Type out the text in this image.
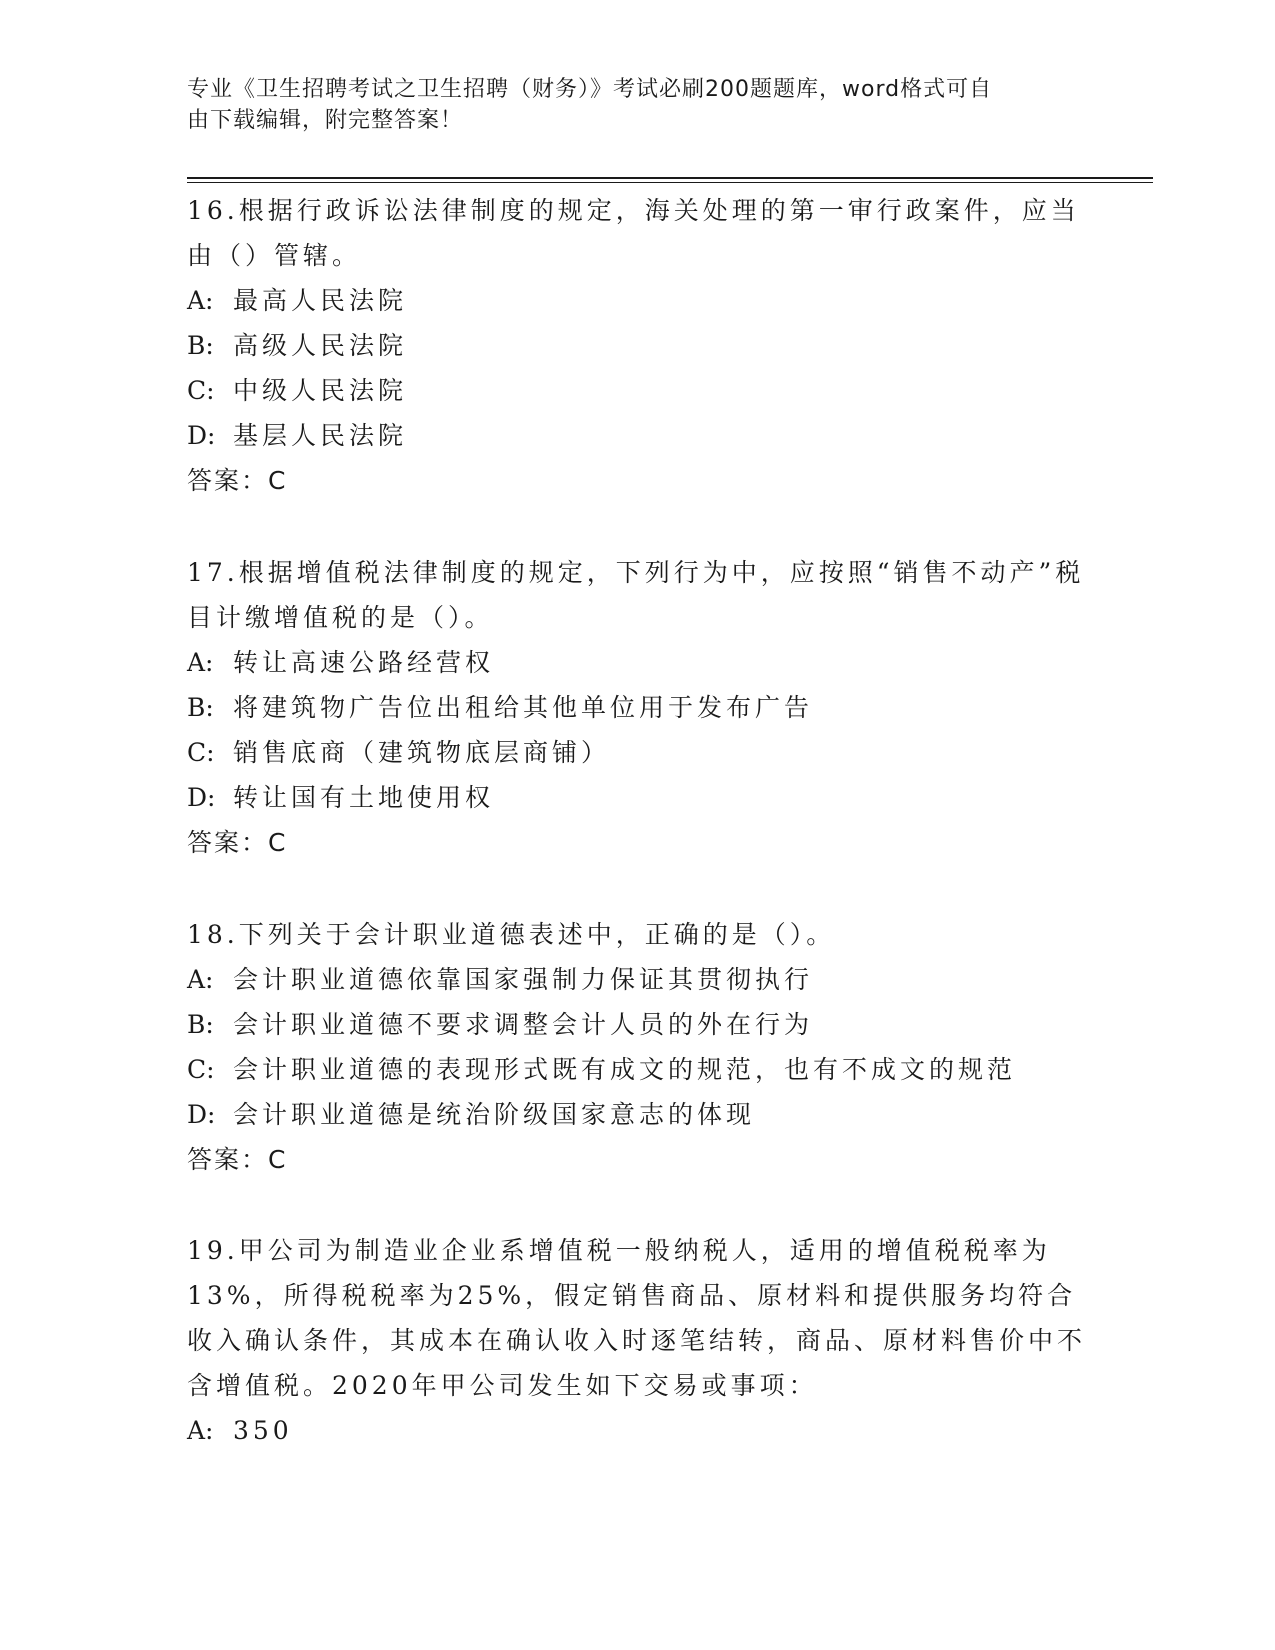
专业《卫生招聘考试之卫生招聘（财务）》考试必刷200题题库，word格式可自
由下载编辑，附完整答案！

16.根据行政诉讼法律制度的规定，海关处理的第一审行政案件，应当由（）管辖。

A: 最高人民法院

B: 高级人民法院

C: 中级人民法院

D: 基层人民法院

答案：C

17.根据增值税法律制度的规定，下列行为中，应按照“销售不动产”税目计缴增值税的是（）。

A: 转让高速公路经营权

B: 将建筑物广告位出租给其他单位用于发布广告

C: 销售底商（建筑物底层商铺）

D: 转让国有土地使用权

答案：C

18.下列关于会计职业道德表述中，正确的是（）。

A: 会计职业道德依靠国家强制力保证其贯彻执行

B: 会计职业道德不要求调整会计人员的外在行为

C: 会计职业道德的表现形式既有成文的规范，也有不成文的规范

D: 会计职业道德是统治阶级国家意志的体现

答案：C

19.甲公司为制造业企业系增值税一般纳税人，适用的增值税税率为13%，所得税税率为25%，假定销售商品、原材料和提供服务均符合收入确认条件，其成本在确认收入时逐笔结转，商品、原材料售价中不含增值税。2020年甲公司发生如下交易或事项：

A: 350
